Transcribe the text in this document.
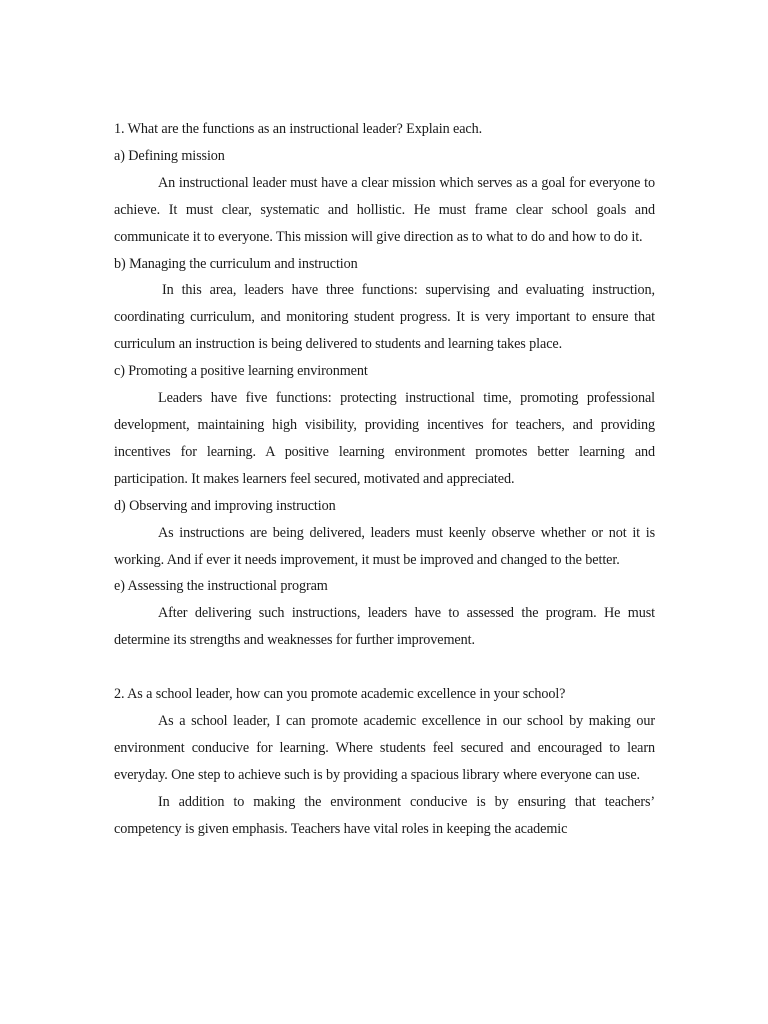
1. What are the functions as an instructional leader? Explain each.

a) Defining mission

An instructional leader must have a clear mission which serves as a goal for everyone to achieve. It must clear, systematic and hollistic. He must frame clear school goals and communicate it to everyone. This mission will give direction as to what to do and how to do it.

b) Managing the curriculum and instruction

In this area, leaders have three functions: supervising and evaluating instruction, coordinating curriculum, and monitoring student progress. It is very important to ensure that curriculum an instruction is being delivered to students and learning takes place.

c) Promoting a positive learning environment

Leaders have five functions: protecting instructional time, promoting professional development, maintaining high visibility, providing incentives for teachers, and providing incentives for learning. A positive learning environment promotes better learning and participation. It makes learners feel secured, motivated and appreciated.

d) Observing and improving instruction

As instructions are being delivered, leaders must keenly observe whether or not it is working. And if ever it needs improvement, it must be improved and changed to the better.

e) Assessing the instructional program

After delivering such instructions, leaders have to assessed the program. He must determine its strengths and weaknesses for further improvement.

2. As a school leader, how can you promote academic excellence in your school?

As a school leader, I can promote academic excellence in our school by making our environment conducive for learning. Where students feel secured and encouraged to learn everyday. One step to achieve such is by providing a spacious library where everyone can use.

In addition to making the environment conducive is by ensuring that teachers’ competency is given emphasis. Teachers have vital roles in keeping the academic
